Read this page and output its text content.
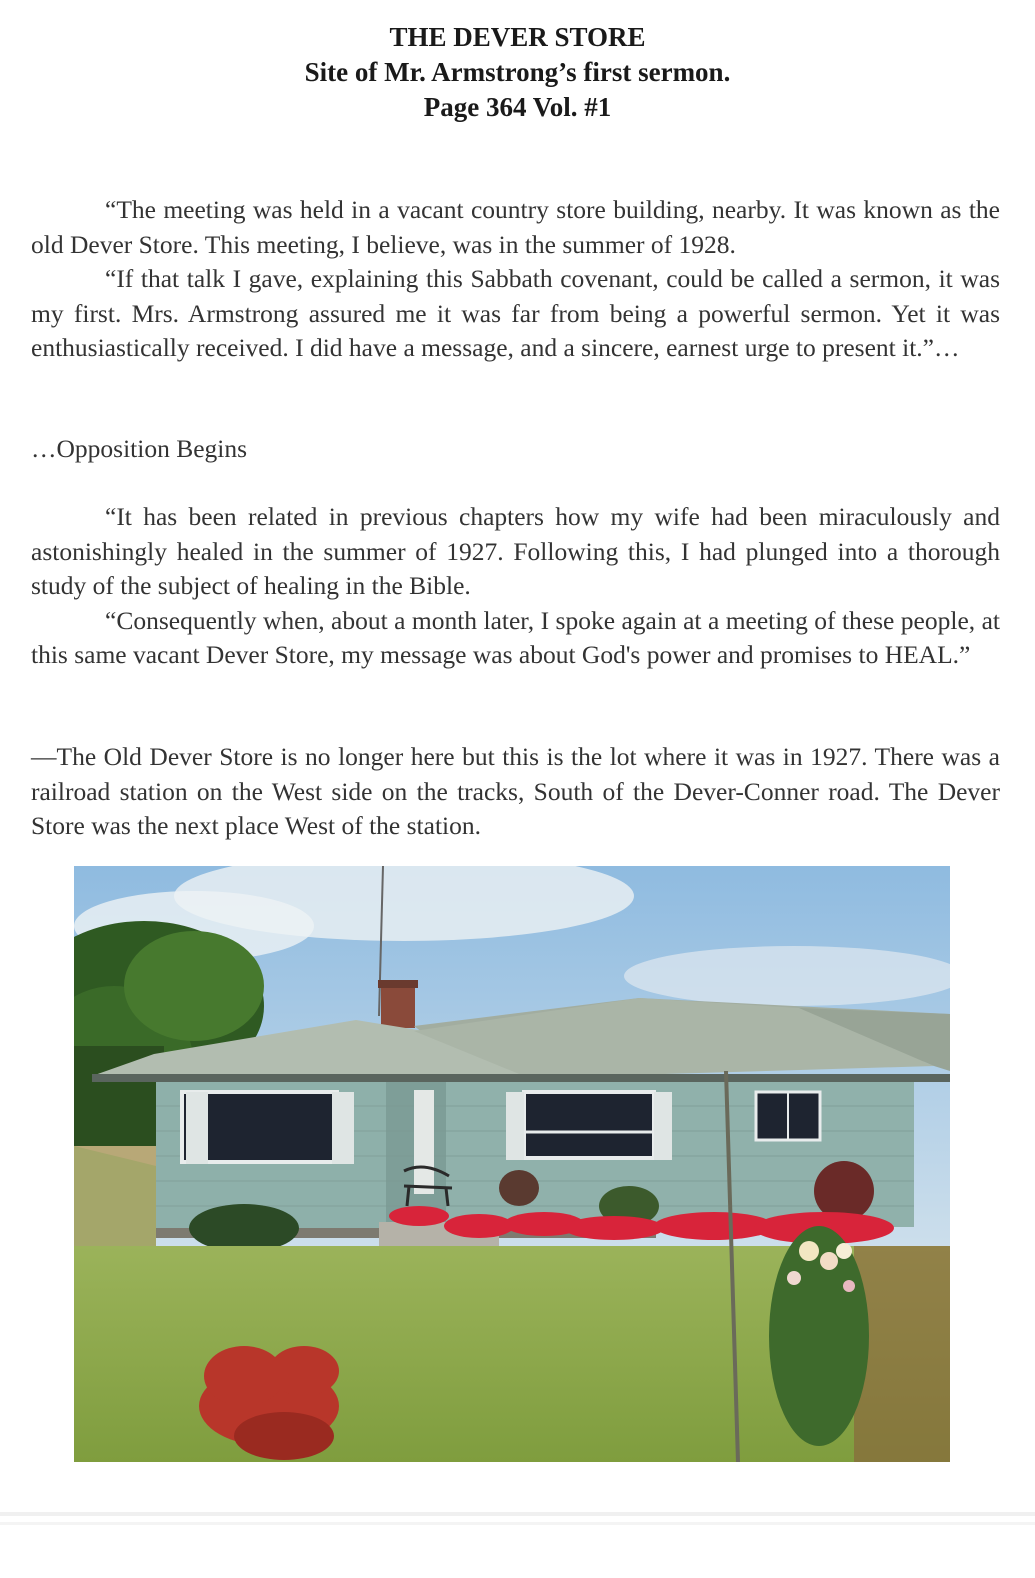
THE DEVER STORE
Site of Mr. Armstrong’s first sermon.
Page 364 Vol. #1

“The meeting was held in a vacant country store building, nearby. It was known as the old Dever Store. This meeting, I believe, was in the summer of 1928.

“If that talk I gave, explaining this Sabbath covenant, could be called a sermon, it was my first. Mrs. Armstrong assured me it was far from being a powerful sermon. Yet it was enthusiastically received. I did have a message, and a sincere, earnest urge to present it.”…

…Opposition Begins

“It has been related in previous chapters how my wife had been miraculously and astonishingly healed in the summer of 1927. Following this, I had plunged into a thorough study of the subject of healing in the Bible.

“Consequently when, about a month later, I spoke again at a meeting of these people, at this same vacant Dever Store, my message was about God's power and promises to HEAL.”

—The Old Dever Store is no longer here but this is the lot where it was in 1927. There was a railroad station on the West side on the tracks, South of the Dever-Conner road. The Dever Store was the next place West of the station.
